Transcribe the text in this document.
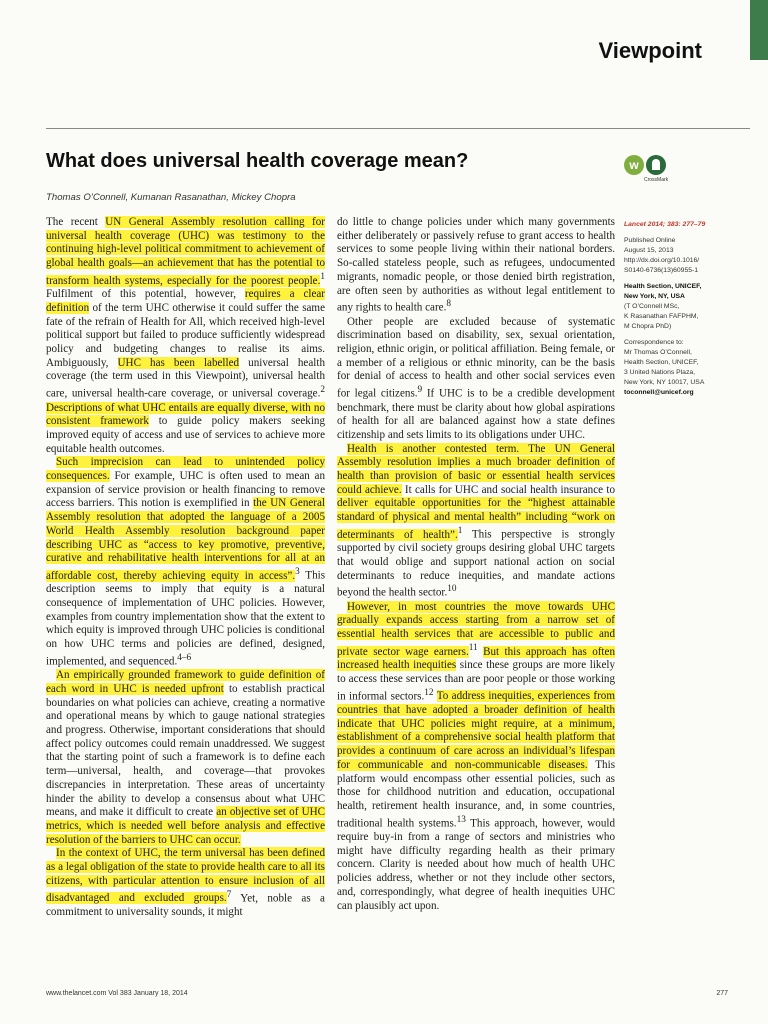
Viewpoint
What does universal health coverage mean?
Thomas O’Connell, Kumanan Rasanathan, Mickey Chopra
w
CrossMark

The recent UN General Assembly resolution calling for universal health coverage (UHC) was testimony to the continuing high-level political commitment to achievement of global health goals—an achievement that has the potential to transform health systems, especially for the poorest people.$^1$ Fulfilment of this potential, however, requires a clear definition of the term UHC otherwise it could suffer the same fate of the refrain of Health for All, which received high-level political support but failed to produce sufficiently widespread policy and budgeting changes to realise its aims. Ambiguously, UHC has been labelled universal health coverage (the term used in this Viewpoint), universal health care, universal health-care coverage, or universal coverage.$^2$ Descriptions of what UHC entails are equally diverse, with no consistent framework to guide policy makers seeking improved equity of access and use of services to achieve more equitable health outcomes.

Such imprecision can lead to unintended policy consequences. For example, UHC is often used to mean an expansion of service provision or health financing to remove access barriers. This notion is exemplified in the UN General Assembly resolution that adopted the language of a 2005 World Health Assembly resolution background paper describing UHC as “access to key promotive, preventive, curative and rehabilitative health interventions for all at an affordable cost, thereby achieving equity in access”.$^3$ This description seems to imply that equity is a natural consequence of implementation of UHC policies. However, examples from country implementation show that the extent to which equity is improved through UHC policies is conditional on how UHC terms and policies are defined, designed, implemented, and sequenced.$^{4-6}$

An empirically grounded framework to guide definition of each word in UHC is needed upfront to establish practical boundaries on what policies can achieve, creating a normative and operational means by which to gauge national strategies and progress. Otherwise, important considerations that should affect policy outcomes could remain unaddressed. We suggest that the starting point of such a framework is to define each term—universal, health, and coverage—that provokes discrepancies in interpretation. These areas of uncertainty hinder the ability to develop a consensus about what UHC means, and make it difficult to create an objective set of UHC metrics, which is needed well before analysis and effective resolution of the barriers to UHC can occur.

In the context of UHC, the term universal has been defined as a legal obligation of the state to provide health care to all its citizens, with particular attention to ensure inclusion of all disadvantaged and excluded groups.$^7$ Yet, noble as a commitment to universality sounds, it might

do little to change policies under which many governments either deliberately or passively refuse to grant access to health services to some people living within their national borders. So-called stateless people, such as refugees, undocumented migrants, nomadic people, or those denied birth registration, are often seen by authorities as without legal entitlement to any rights to health care.$^8$

Other people are excluded because of systematic discrimination based on disability, sex, sexual orientation, religion, ethnic origin, or political affiliation. Being female, or a member of a religious or ethnic minority, can be the basis for denial of access to health and other social services even for legal citizens.$^9$ If UHC is to be a credible development benchmark, there must be clarity about how global aspirations of health for all are balanced against how a state defines citizenship and sets limits to its obligations under UHC.

Health is another contested term. The UN General Assembly resolution implies a much broader definition of health than provision of basic or essential health services could achieve. It calls for UHC and social health insurance to deliver equitable opportunities for the “highest attainable standard of physical and mental health” including “work on determinants of health”.$^1$ This perspective is strongly supported by civil society groups desiring global UHC targets that would oblige and support national action on social determinants to reduce inequities, and mandate actions beyond the health sector.$^{10}$

However, in most countries the move towards UHC gradually expands access starting from a narrow set of essential health services that are accessible to public and private sector wage earners.$^{11}$ But this approach has often increased health inequities since these groups are more likely to access these services than are poor people or those working in informal sectors.$^{12}$ To address inequities, experiences from countries that have adopted a broader definition of health indicate that UHC policies might require, at a minimum, establishment of a comprehensive social health platform that provides a continuum of care across an individual’s lifespan for communicable and non-communicable diseases. This platform would encompass other essential policies, such as those for childhood nutrition and education, occupational health, retirement health insurance, and, in some countries, traditional health systems.$^{13}$ This approach, however, would require buy-in from a range of sectors and ministries who might have difficulty regarding health as their primary concern. Clarity is needed about how much of health UHC policies address, whether or not they include other sectors, and, correspondingly, what degree of health inequities UHC can plausibly act upon.

Lancet 2014; 383: 277–79
Published Online
August 15, 2013
http://dx.doi.org/10.1016/
S0140-6736(13)60955-1
Health Section, UNICEF,
New York, NY, USA
(T O’Connell MSc,
K Rasanathan FAFPHM,
M Chopra PhD)
Correspondence to:
Mr Thomas O’Connell,
Health Section, UNICEF,
3 United Nations Plaza,
New York, NY 10017, USA
toconnell@unicef.org
www.thelancet.com Vol 383 January 18, 2014	277
